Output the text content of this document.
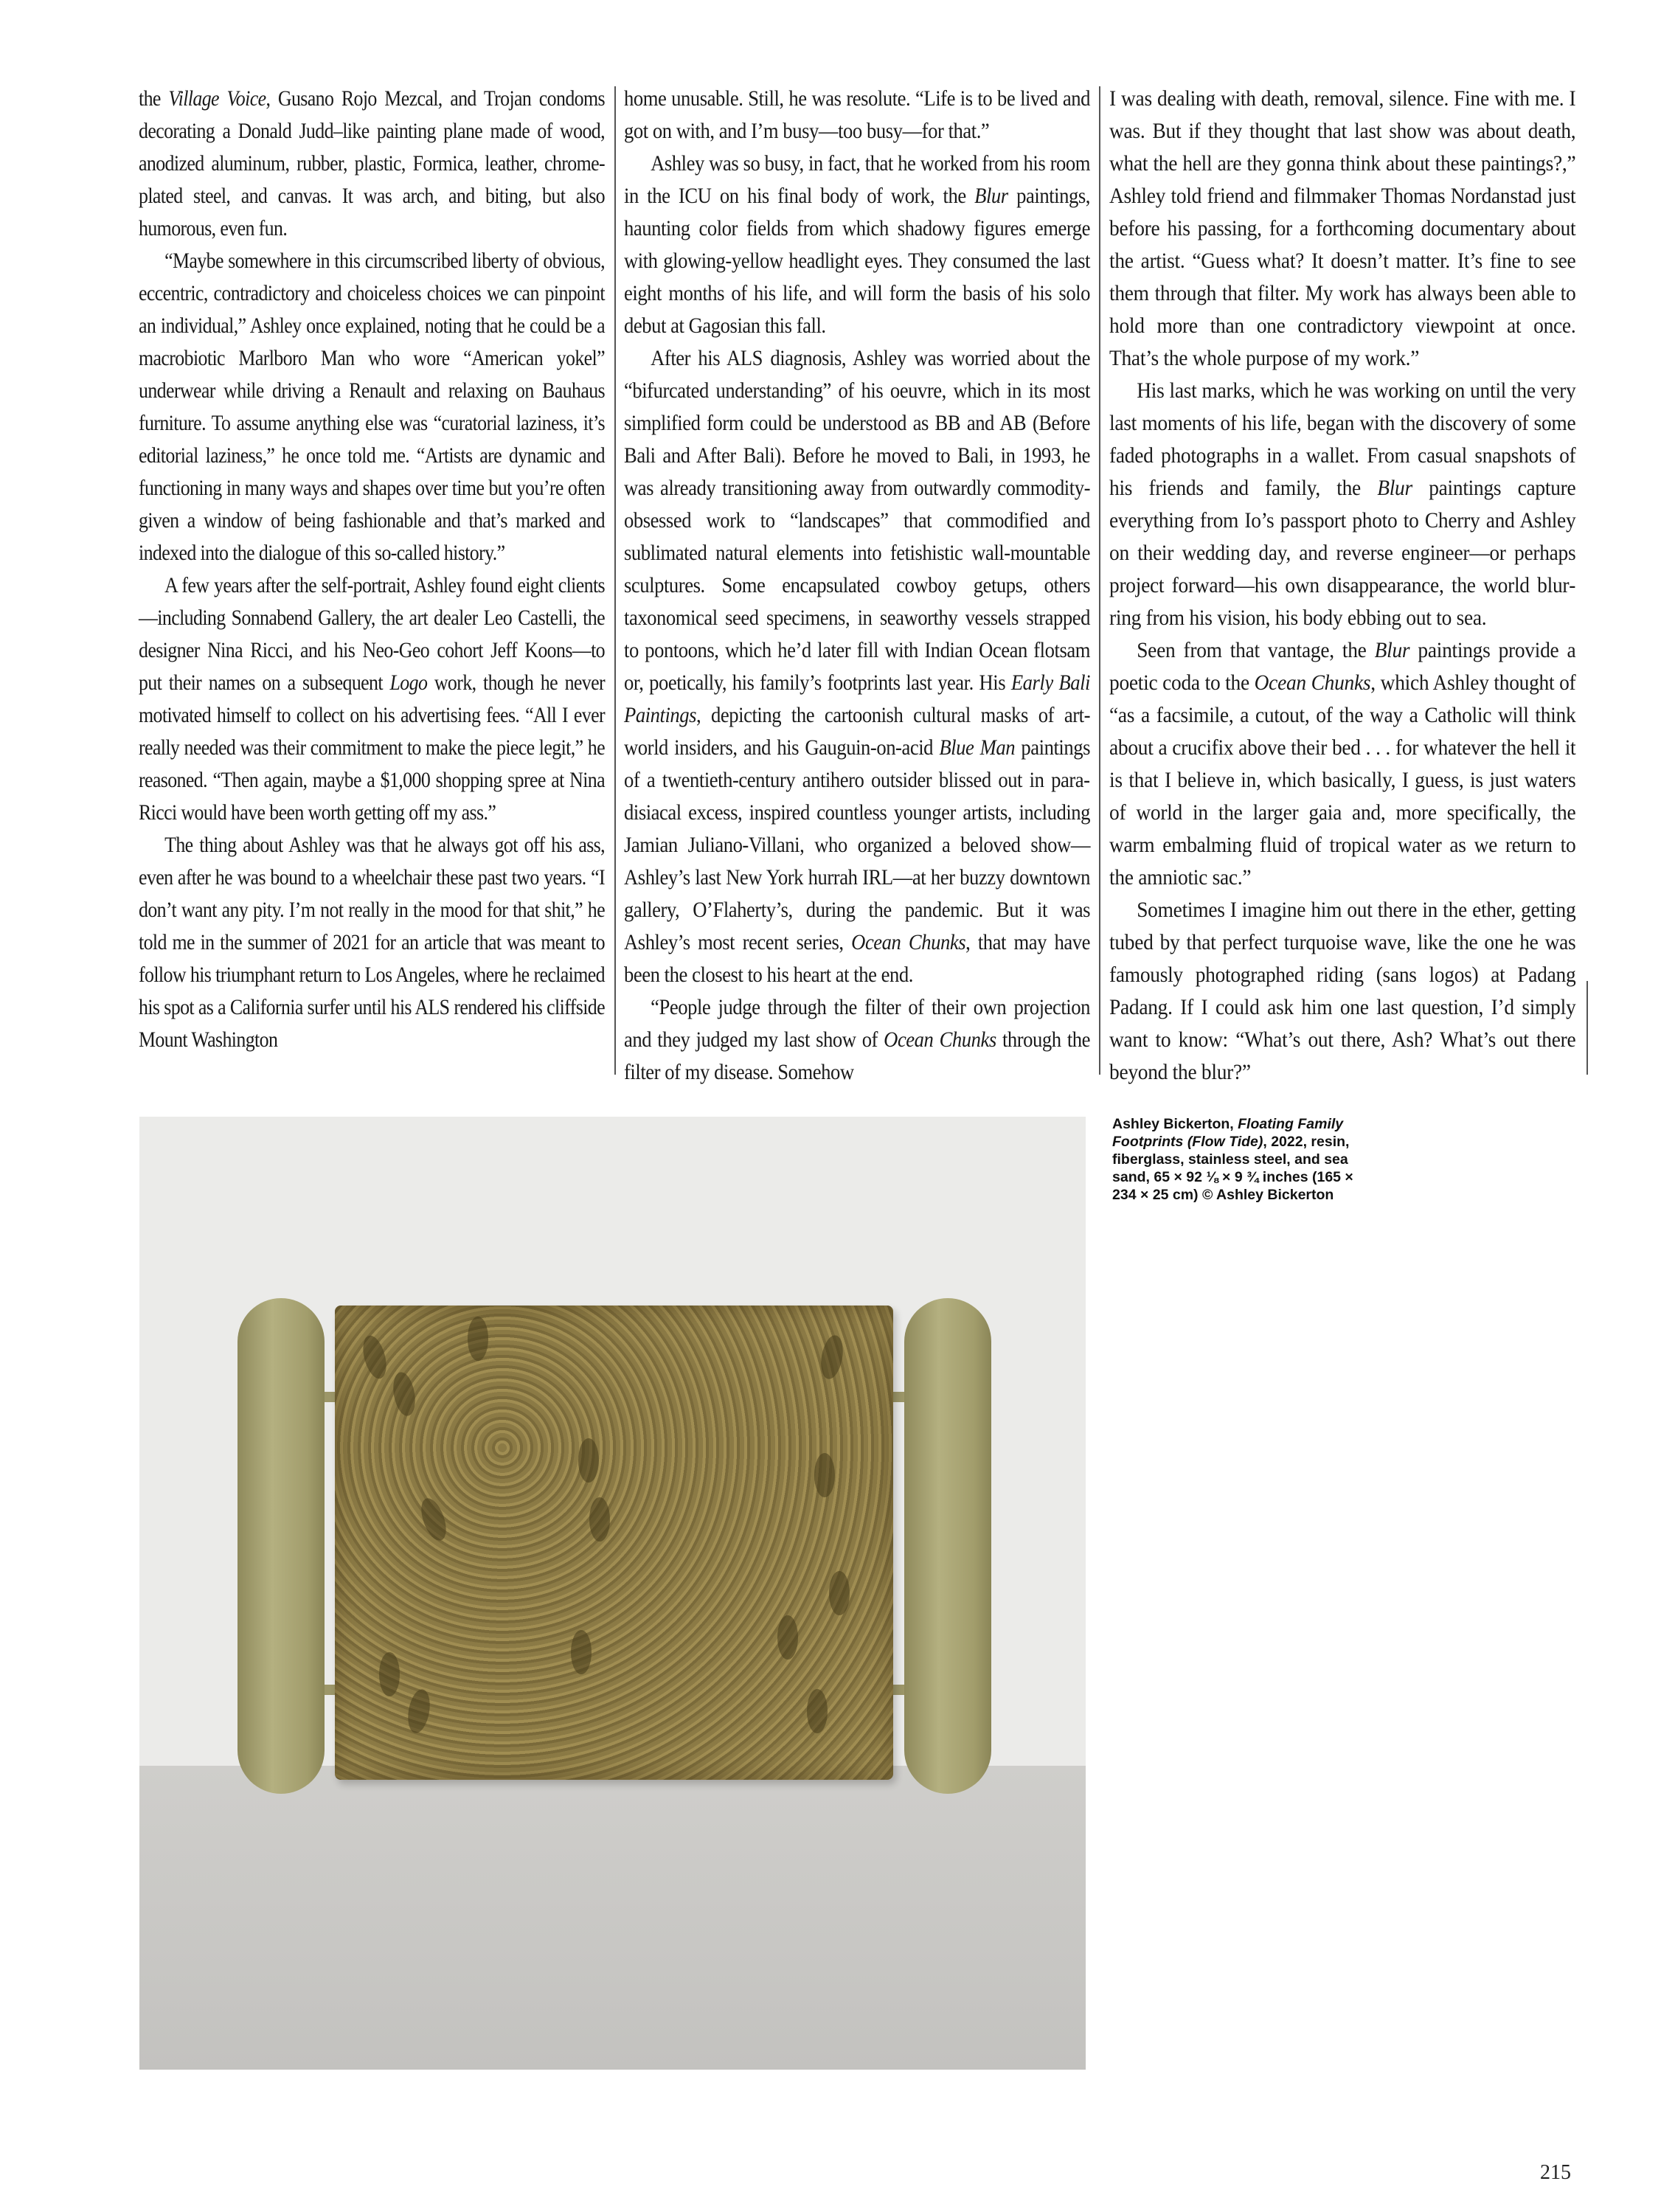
the Village Voice, Gusano Rojo Mezcal, and Trojan condoms decorating a Donald Judd–like painting plane made of wood, anodized aluminum, rubber, plastic, Formica, leather, chrome-plated steel, and canvas. It was arch, and biting, but also humorous, even fun.

“Maybe somewhere in this circumscribed liberty of obvious, eccentric, contradictory and choiceless choices we can pinpoint an individual,” Ashley once explained, noting that he could be a macrobiotic Marlboro Man who wore “American yokel” underwear while driving a Renault and relaxing on Bauhaus furniture. To assume anything else was “curatorial laziness, it’s editorial laziness,” he once told me. “Artists are dynamic and functioning in many ways and shapes over time but you’re often given a window of being fashionable and that’s marked and indexed into the dialogue of this so-called history.”

A few years after the self-portrait, Ashley found eight clients—including Sonnabend Gallery, the art dealer Leo Castelli, the designer Nina Ricci, and his Neo-Geo cohort Jeff Koons—to put their names on a subsequent Logo work, though he never motivated himself to collect on his advertising fees. “All I ever really needed was their commitment to make the piece legit,” he reasoned. “Then again, maybe a $1,000 shopping spree at Nina Ricci would have been worth getting off my ass.”

The thing about Ashley was that he always got off his ass, even after he was bound to a wheelchair these past two years. “I don’t want any pity. I’m not really in the mood for that shit,” he told me in the summer of 2021 for an article that was meant to follow his triumphant return to Los Angeles, where he reclaimed his spot as a California surfer until his ALS rendered his cliffside Mount Washington

home unusable. Still, he was resolute. “Life is to be lived and got on with, and I’m busy—too busy—for that.”

Ashley was so busy, in fact, that he worked from his room in the ICU on his final body of work, the Blur paintings, haunting color fields from which shadowy figures emerge with glowing-yellow headlight eyes. They consumed the last eight months of his life, and will form the basis of his solo debut at Gagosian this fall.

After his ALS diagnosis, Ashley was worried about the “bifurcated understanding” of his oeuvre, which in its most simplified form could be understood as BB and AB (Before Bali and After Bali). Before he moved to Bali, in 1993, he was already transitioning away from outwardly commodity-obsessed work to “landscapes” that commodified and sublimated natural elements into fetishistic wall-mountable sculptures. Some encapsulated cowboy getups, others taxonomical seed specimens, in seaworthy vessels strapped to pontoons, which he’d later fill with Indian Ocean flotsam or, poetically, his family’s footprints last year. His Early Bali Paintings, depicting the cartoonish cultural masks of art-world insiders, and his Gauguin-on-acid Blue Man paintings of a twentieth-century antihero outsider blissed out in paradisiacal excess, inspired countless younger artists, including Jamian Juliano-Villani, who organized a beloved show—Ashley’s last New York hurrah IRL—at her buzzy downtown gallery, O’Flaherty’s, during the pandemic. But it was Ashley’s most recent series, Ocean Chunks, that may have been the closest to his heart at the end.

“People judge through the filter of their own projection and they judged my last show of Ocean Chunks through the filter of my disease. Somehow

I was dealing with death, removal, silence. Fine with me. I was. But if they thought that last show was about death, what the hell are they gonna think about these paintings?,” Ashley told friend and filmmaker Thomas Nordanstad just before his passing, for a forthcoming documentary about the artist. “Guess what? It doesn’t matter. It’s fine to see them through that filter. My work has always been able to hold more than one contradictory viewpoint at once. That’s the whole purpose of my work.”

His last marks, which he was working on until the very last moments of his life, began with the discovery of some faded photographs in a wallet. From casual snapshots of his friends and family, the Blur paintings capture everything from Io’s passport photo to Cherry and Ashley on their wedding day, and reverse engineer—or perhaps project forward—his own disappearance, the world blurring from his vision, his body ebbing out to sea.

Seen from that vantage, the Blur paintings provide a poetic coda to the Ocean Chunks, which Ashley thought of “as a facsimile, a cutout, of the way a Catholic will think about a crucifix above their bed . . . for whatever the hell it is that I believe in, which basically, I guess, is just waters of world in the larger gaia and, more specifically, the warm embalming fluid of tropical water as we return to the amniotic sac.”

Sometimes I imagine him out there in the ether, getting tubed by that perfect turquoise wave, like the one he was famously photographed riding (sans logos) at Padang Padang. If I could ask him one last question, I’d simply want to know: “What’s out there, Ash? What’s out there beyond the blur?”

Ashley Bickerton, Floating Family Footprints (Flow Tide), 2022, resin, fiberglass, stainless steel, and sea sand, 65 × 92 ⅛ × 9 ¾ inches (165 × 234 × 25 cm) © Ashley Bickerton
215
